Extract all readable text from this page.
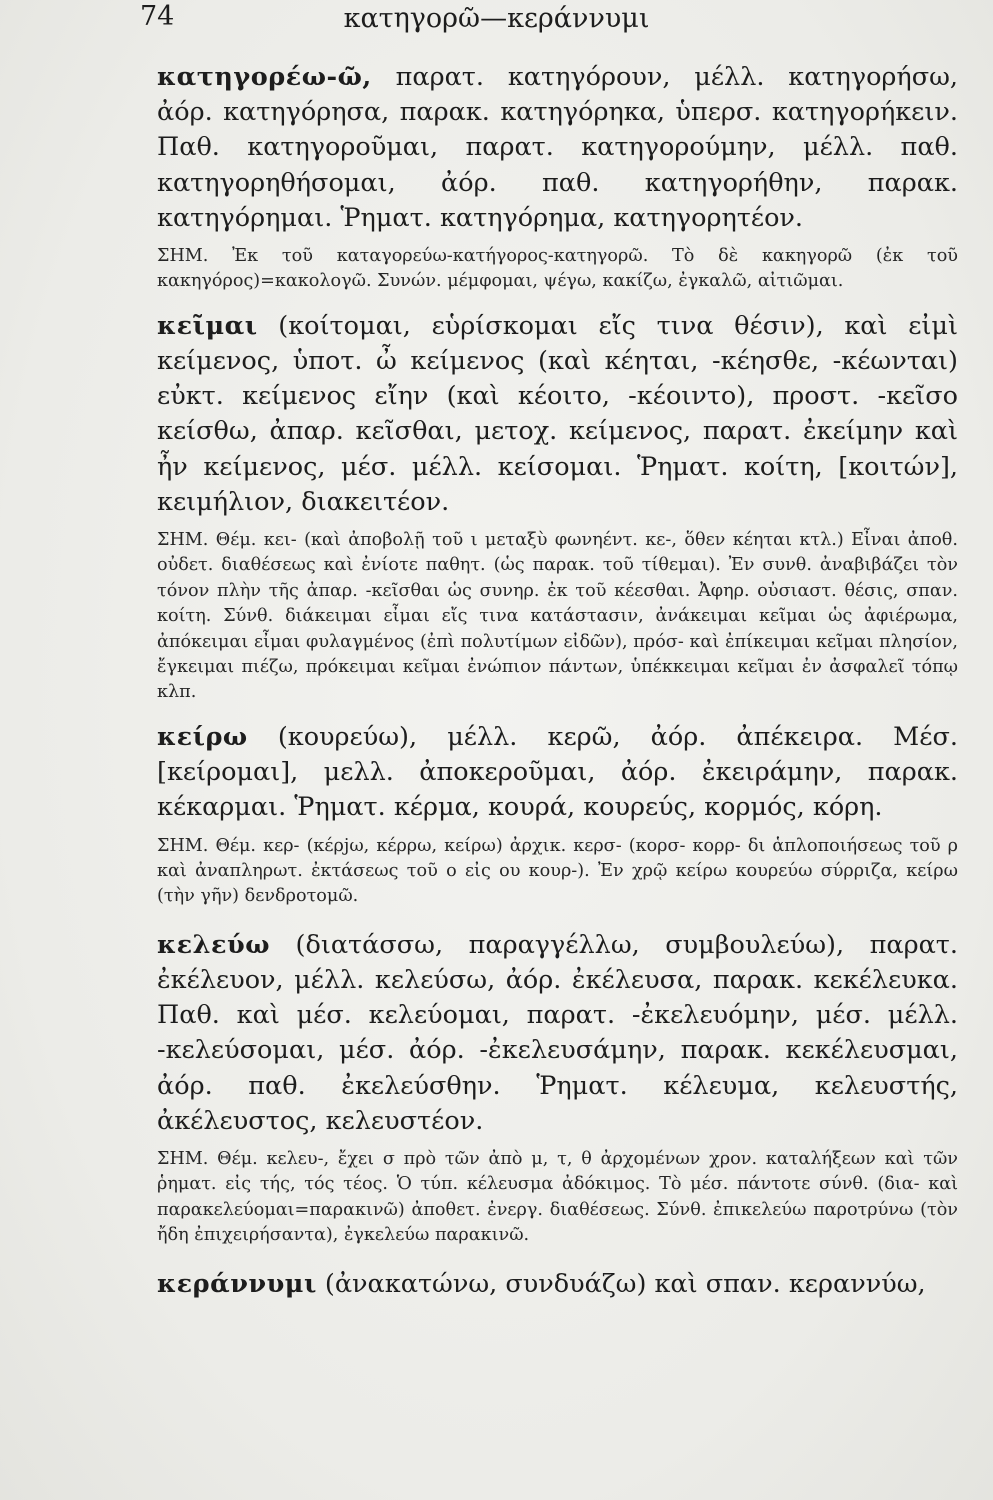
74	κατηγορῶ—κεράννυμι

κατηγορέω-ῶ, παρατ. κατηγόρουν, μέλλ. κατηγορήσω, ἀόρ. κατηγόρησα, παρακ. κατηγόρηκα, ὑπερσ. κατηγορήκειν. Παθ. κατηγοροῦμαι, παρατ. κατηγορούμην, μέλλ. παθ. κατηγορηθήσομαι, ἀόρ. παθ. κατηγορήθην, παρακ. κατηγόρημαι. Ῥηματ. κατηγόρημα, κατηγορητέον.

ΣΗΜ. Ἐκ τοῦ καταγορεύω-κατήγορος-κατηγορῶ. Τὸ δὲ κακηγορῶ (ἐκ τοῦ κακηγόρος)=κακολογῶ. Συνών. μέμφομαι, ψέγω, κακίζω, ἐγκαλῶ, αἰτιῶμαι.

κεῖμαι (κοίτομαι, εὑρίσκομαι εἴς τινα θέσιν), καὶ εἰμὶ κείμενος, ὑποτ. ὦ κείμενος (καὶ κέηται, -κέησθε, -κέωνται) εὐκτ. κείμενος εἴην (καὶ κέοιτο, -κέοιντο), προστ. -κεῖσο κείσθω, ἀπαρ. κεῖσθαι, μετοχ. κείμενος, παρατ. ἐκείμην καὶ ἦν κείμενος, μέσ. μέλλ. κείσομαι. Ῥηματ. κοίτη, [κοιτών], κειμήλιον, διακειτέον.

ΣΗΜ. Θέμ. κει- (καὶ ἀποβολῇ τοῦ ι μεταξὺ φωνηέντ. κε-, ὅθεν κέηται κτλ.) Εἶναι ἀποθ. οὐδετ. διαθέσεως καὶ ἐνίοτε παθητ. (ὡς παρακ. τοῦ τίθεμαι). Ἐν συνθ. ἀναβιβάζει τὸν τόνον πλὴν τῆς ἀπαρ. -κεῖσθαι ὡς συνηρ. ἐκ τοῦ κέεσθαι. Ἀφηρ. οὐσιαστ. θέσις, σπαν. κοίτη. Σύνθ. διάκειμαι εἶμαι εἴς τινα κατάστασιν, ἀνάκειμαι κεῖμαι ὡς ἀφιέρωμα, ἀπόκειμαι εἶμαι φυλαγμένος (ἐπὶ πολυτίμων εἰδῶν), πρόσ- καὶ ἐπίκειμαι κεῖμαι πλησίον, ἔγκειμαι πιέζω, πρόκειμαι κεῖμαι ἐνώπιον πάντων, ὑπέκκειμαι κεῖμαι ἐν ἀσφαλεῖ τόπῳ κλπ.

κείρω (κουρεύω), μέλλ. κερῶ, ἀόρ. ἀπέκειρα. Μέσ. [κείρομαι], μελλ. ἀποκεροῦμαι, ἀόρ. ἐκειράμην, παρακ. κέκαρμαι. Ῥηματ. κέρμα, κουρά, κουρεύς, κορμός, κόρη.

ΣΗΜ. Θέμ. κερ- (κέρjω, κέρρω, κείρω) ἀρχικ. κερσ- (κορσ- κορρ- δι ἁπλοποιήσεως τοῦ ρ καὶ ἀναπληρωτ. ἐκτάσεως τοῦ ο εἰς ου κουρ-). Ἐν χρῷ κείρω κουρεύω σύρριζα, κείρω (τὴν γῆν) δενδροτομῶ.

κελεύω (διατάσσω, παραγγέλλω, συμβουλεύω), παρατ. ἐκέλευον, μέλλ. κελεύσω, ἀόρ. ἐκέλευσα, παρακ. κεκέλευκα. Παθ. καὶ μέσ. κελεύομαι, παρατ. -ἐκελευόμην, μέσ. μέλλ. -κελεύσομαι, μέσ. ἀόρ. -ἐκελευσάμην, παρακ. κεκέλευσμαι, ἀόρ. παθ. ἐκελεύσθην. Ῥηματ. κέλευμα, κελευστής, ἀκέλευστος, κελευστέον.

ΣΗΜ. Θέμ. κελευ-, ἔχει σ πρὸ τῶν ἀπὸ μ, τ, θ ἀρχομένων χρον. καταλήξεων καὶ τῶν ῥηματ. εἰς τής, τός τέος. Ὁ τύπ. κέλευσμα ἀδόκιμος. Τὸ μέσ. πάντοτε σύνθ. (δια- καὶ παρακελεύομαι=παρακινῶ) ἀποθετ. ἐνεργ. διαθέσεως. Σύνθ. ἐπικελεύω παροτρύνω (τὸν ἤδη ἐπιχειρήσαντα), ἐγκελεύω παρακινῶ.

κεράννυμι (ἀνακατώνω, συνδυάζω) καὶ σπαν. κεραννύω,
